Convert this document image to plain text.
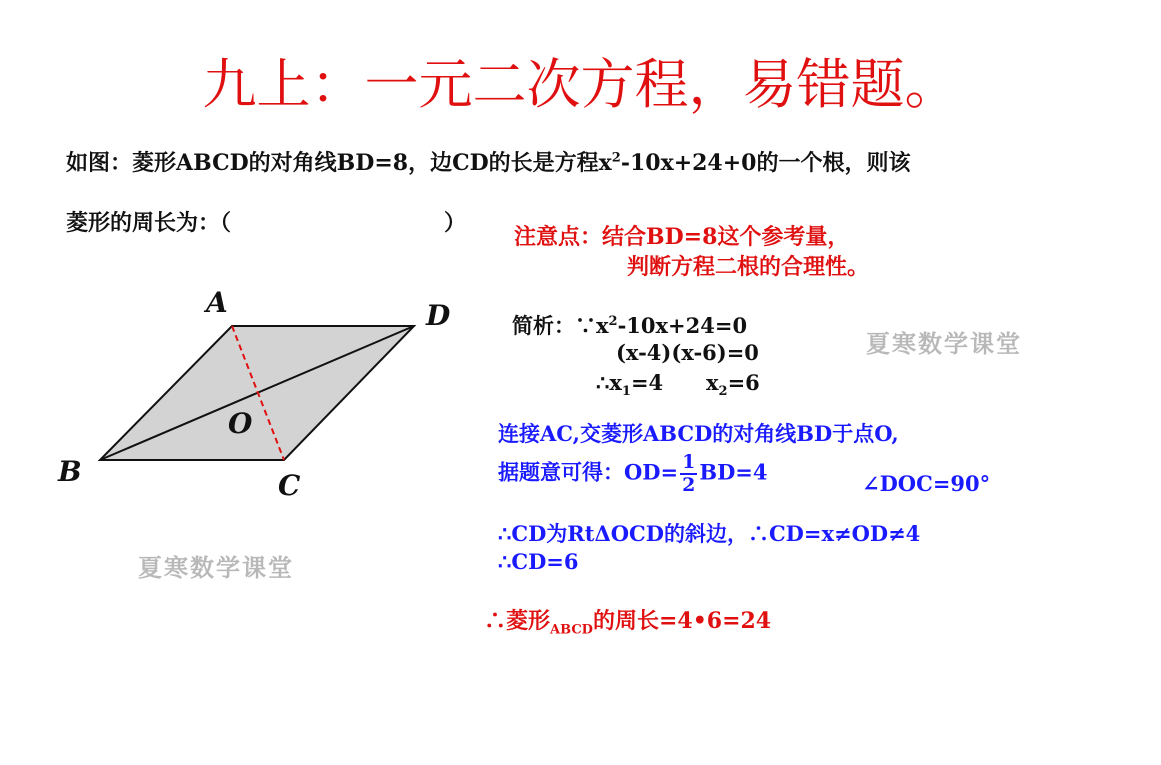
九上：一元二次方程，易错题。
如图：菱形ABCD的对角线BD=8，边CD的长是方程$x^2-10x+24+0$的一个根，则该
菱形的周长为：（	）
注意点：结合BD=8这个参考量，
判断方程二根的合理性。
A	D
B	C
O
夏寒数学课堂
夏寒数学课堂
简析：$\because x^2-10x+24=0$
(x-4)(x-6)=0
$\therefore x_1=4$ $x_2=6$
连接AC,交菱形ABCD的对角线BD于点O,
据题意可得：$OD= \frac{1}{2} BD=4$	∠DOC=90°
∴CD为RtΔOCD的斜边，∴CD=x≠OD≠4
∴CD=6
∴菱形$_{ABCD}$的周长=4•6=24
